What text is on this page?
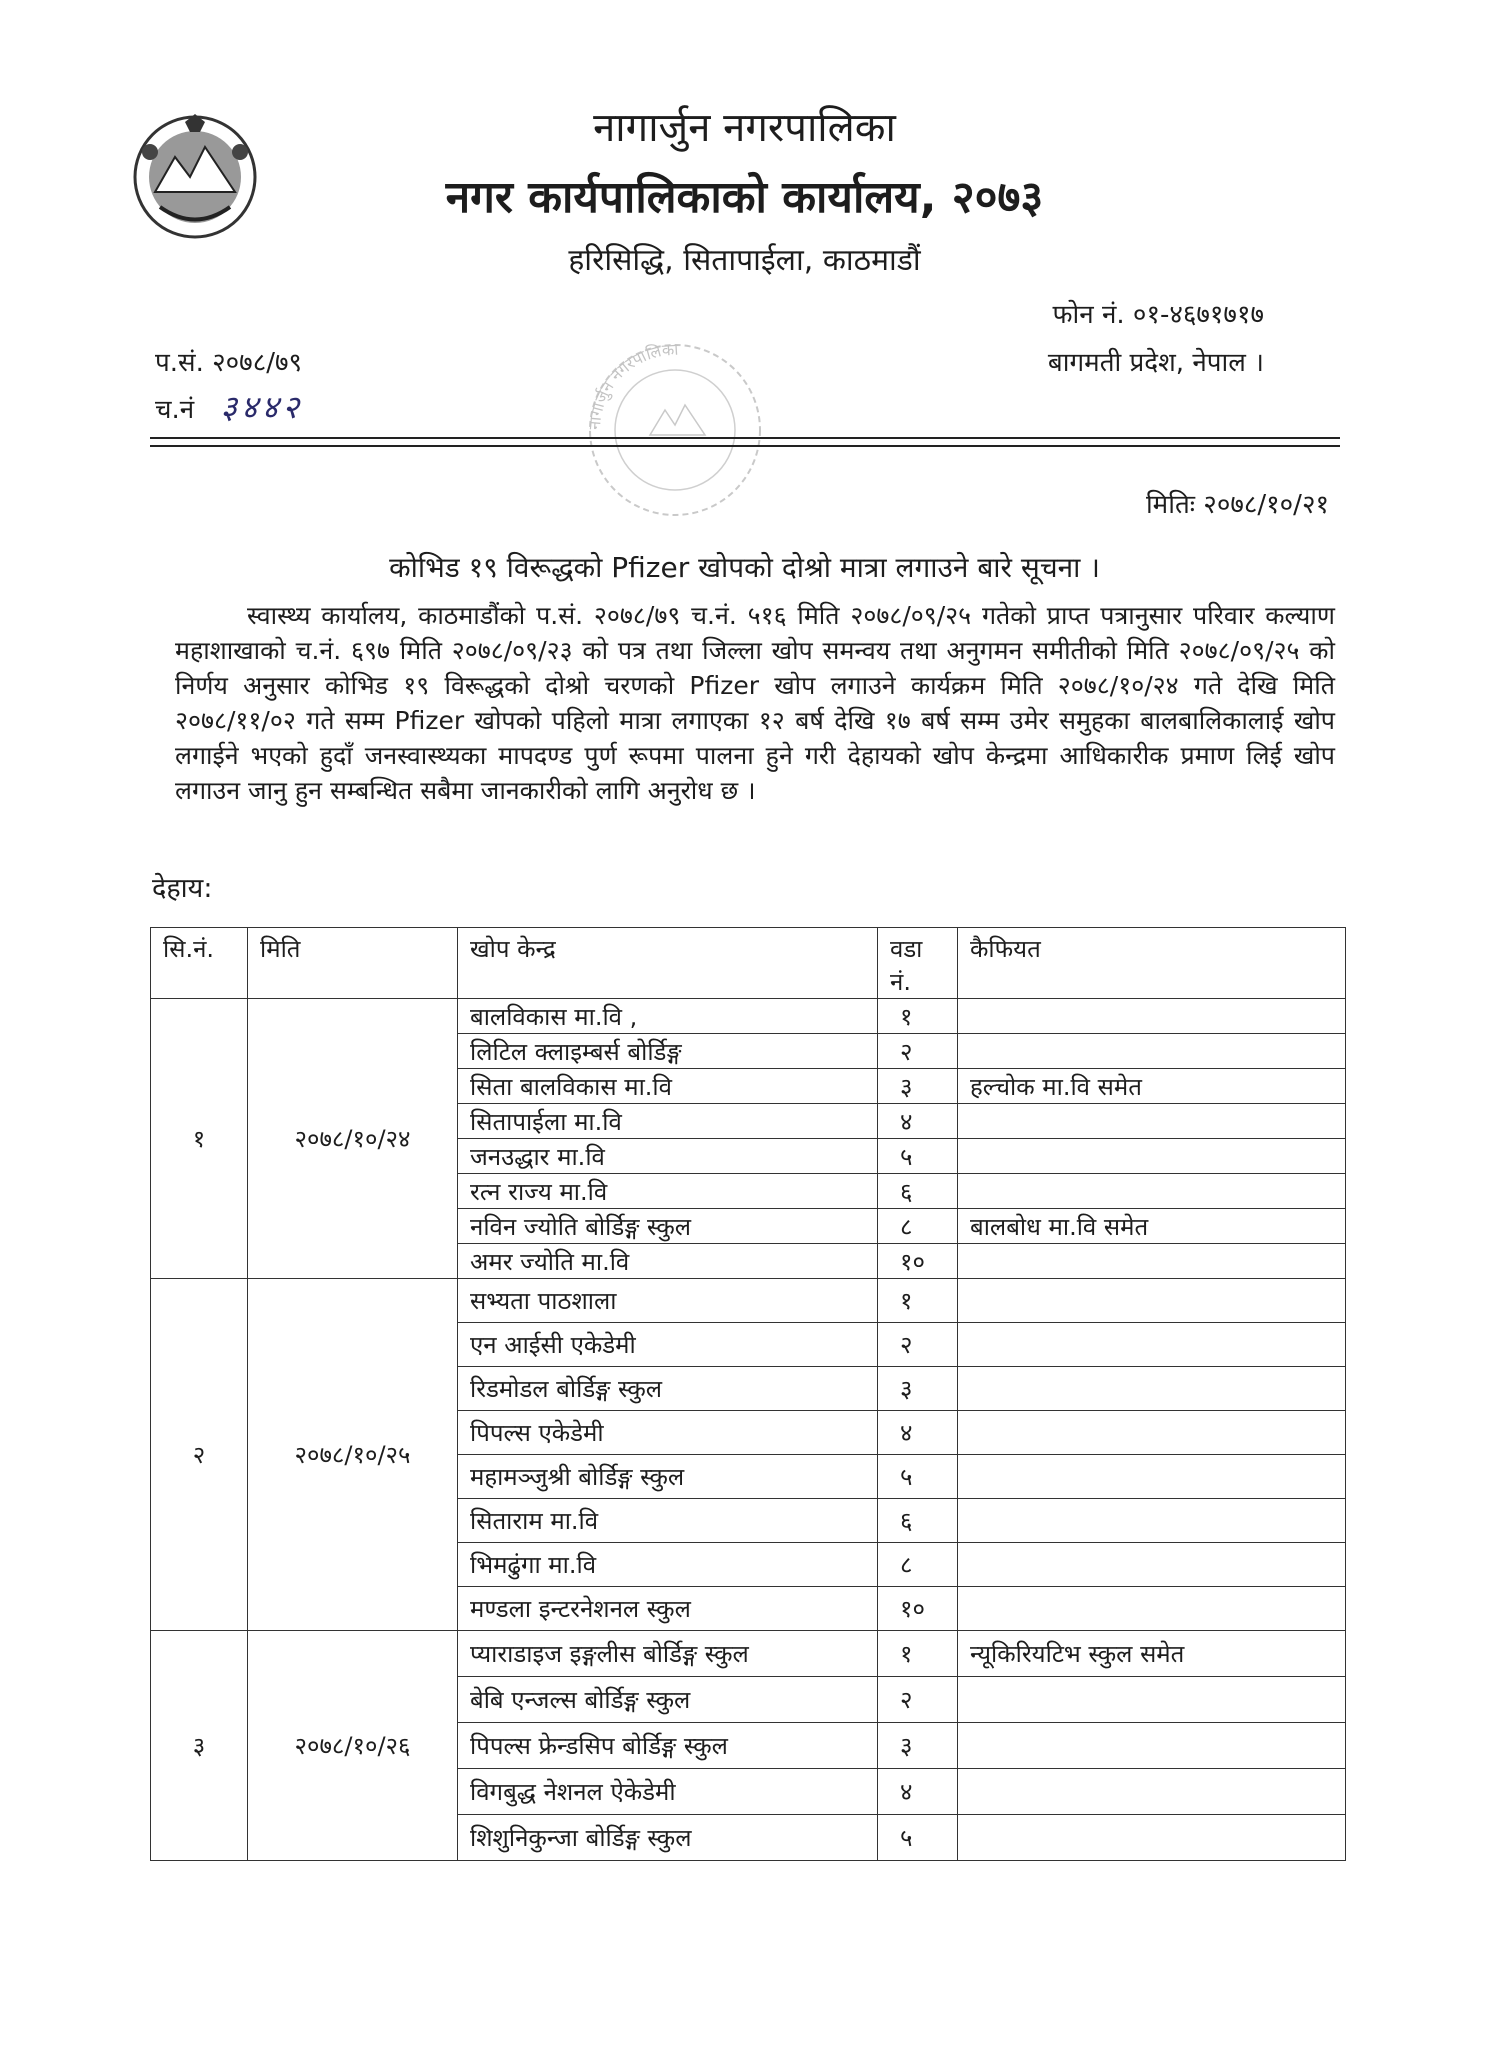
नागार्जुन नगरपालिका
नगर कार्यपालिकाको कार्यालय, २०७३
हरिसिद्धि, सितापाईला, काठमाडौं
फोन नं. ०१-४६७१७१७
बागमती प्रदेश, नेपाल ।
प.सं. २०७८/७९
च.नं ३४४२	नागार्जुन नगरपालिका
मितिः २०७८/१०/२१
कोभिड १९ विरूद्धको Pfizer खोपको दोश्रो मात्रा लगाउने बारे सूचना ।
स्वास्थ्य कार्यालय, काठमाडौंको प.सं. २०७८/७९ च.नं. ५१६ मिति २०७८/०९/२५ गतेको प्राप्त पत्रानुसार परिवार कल्याण महाशाखाको च.नं. ६९७ मिति २०७८/०९/२३ को पत्र तथा जिल्ला खोप समन्वय तथा अनुगमन समीतीको मिति २०७८/०९/२५ को निर्णय अनुसार कोभिड १९ विरूद्धको दोश्रो चरणको Pfizer खोप लगाउने कार्यक्रम मिति २०७८/१०/२४ गते देखि मिति २०७८/११/०२ गते सम्म Pfizer खोपको पहिलो मात्रा लगाएका १२ बर्ष देखि १७ बर्ष सम्म उमेर समुहका बालबालिकालाई खोप लगाईने भएको हुदाँ जनस्वास्थ्यका मापदण्ड पुर्ण रूपमा पालना हुने गरी देहायको खोप केन्द्रमा आधिकारीक प्रमाण लिई खोप लगाउन जानु हुन सम्बन्धित सबैमा जानकारीको लागि अनुरोध छ ।
देहाय:
सि.नं.	मिति	खोप केन्द्र	वडा नं.	कैफियत
१	२०७८/१०/२४	बालविकास मा.वि ,	१	
		लिटिल क्लाइम्बर्स बोर्डिङ्ग	२	
		सिता बालविकास मा.वि	३	हल्चोक मा.वि समेत
		सितापाईला मा.वि	४	
		जनउद्धार मा.वि	५	
		रत्न राज्य मा.वि	६	
		नविन ज्योति बोर्डिङ्ग स्कुल	८	बालबोध मा.वि समेत
		अमर ज्योति मा.वि	१०	
२	२०७८/१०/२५	सभ्यता पाठशाला	१	
		एन आईसी एकेडेमी	२	
		रिडमोडल बोर्डिङ्ग स्कुल	३	
		पिपल्स एकेडेमी	४	
		महामञ्जुश्री बोर्डिङ्ग स्कुल	५	
		सिताराम मा.वि	६	
		भिमढुंगा मा.वि	८	
		मण्डला इन्टरनेशनल स्कुल	१०	
३	२०७८/१०/२६	प्याराडाइज इङ्गलीस बोर्डिङ्ग स्कुल	१	न्यूकिरियटिभ स्कुल समेत
		बेबि एन्जल्स बोर्डिङ्ग स्कुल	२	
		पिपल्स फ्रेन्डसिप बोर्डिङ्ग स्कुल	३	
		विगबुद्ध नेशनल ऐकेडेमी	४	
		शिशुनिकुन्जा बोर्डिङ्ग स्कुल	५	
